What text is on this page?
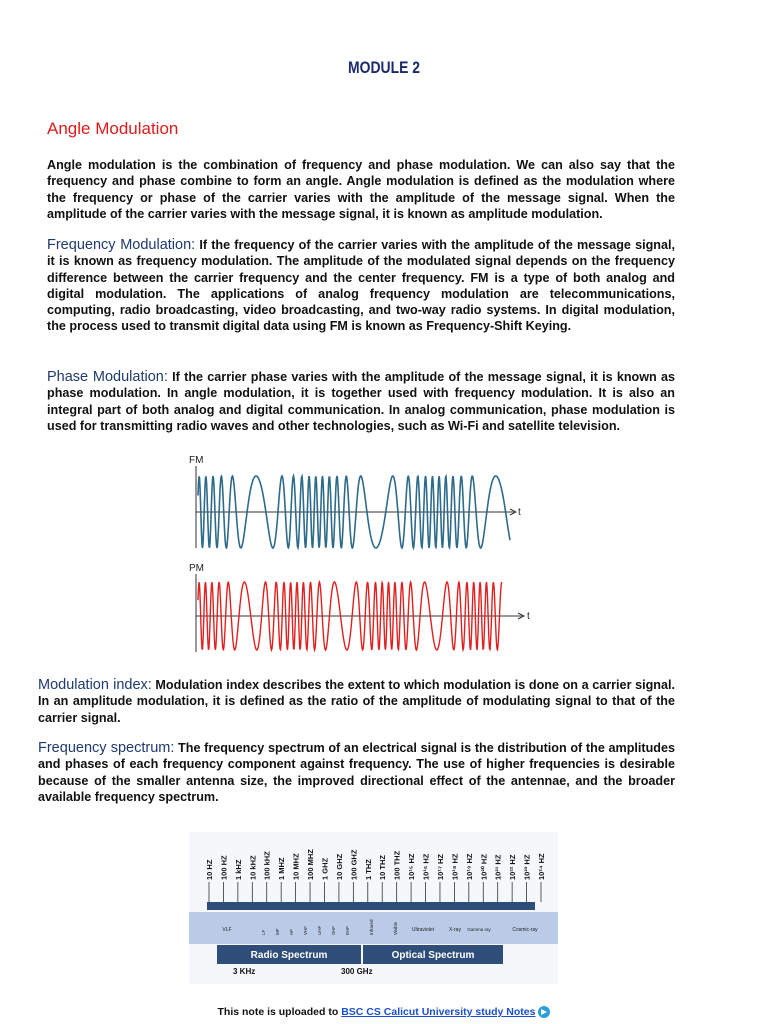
MODULE 2
Angle Modulation
Angle modulation is the combination of frequency and phase modulation. We can also say that the frequency and phase combine to form an angle. Angle modulation is defined as the modulation where the frequency or phase of the carrier varies with the amplitude of the message signal. When the amplitude of the carrier varies with the message signal, it is known as amplitude modulation.
Frequency Modulation: If the frequency of the carrier varies with the amplitude of the message signal, it is known as frequency modulation. The amplitude of the modulated signal depends on the frequency difference between the carrier frequency and the center frequency. FM is a type of both analog and digital modulation. The applications of analog frequency modulation are telecommunications, computing, radio broadcasting, video broadcasting, and two-way radio systems. In digital modulation, the process used to transmit digital data using FM is known as Frequency-Shift Keying.
Phase Modulation: If the carrier phase varies with the amplitude of the message signal, it is known as phase modulation. In angle modulation, it is together used with frequency modulation. It is also an integral part of both analog and digital communication. In analog communication, phase modulation is used for transmitting radio waves and other technologies, such as Wi-Fi and satellite television.
FM
t
PM
t
Modulation index: Modulation index describes the extent to which modulation is done on a carrier signal. In an amplitude modulation, it is defined as the ratio of the amplitude of modulating signal to that of the carrier signal.
Frequency spectrum: The frequency spectrum of an electrical signal is the distribution of the amplitudes and phases of each frequency component against frequency. The use of higher frequencies is desirable because of the smaller antenna size, the improved directional effect of the antennae, and the broader available frequency spectrum.
Radio Spectrum	Optical Spectrum
3 KHz	300 GHz
10 HZ 100 HZ 1 kHZ 10 kHZ 100 kHZ 1 MHZ 10 MHZ 100 MHZ 1 GHZ 10 GHZ 100 GHZ 1 THZ 10 THZ 100 THZ 10¹⁵ HZ 10¹⁶ HZ 10¹⁷ HZ 10¹⁸ HZ 10¹⁹ HZ 10²⁰ HZ 10²¹ HZ 10²² HZ 10²³ HZ 10²⁴ HZ
VLF	LF MF HF VHF UHF SHF EHF	Infrared	Visible	Ultraviolet	X-ray Gamma ray	Cosmic-ray
This note is uploaded to BSC CS Calicut University study Notes
